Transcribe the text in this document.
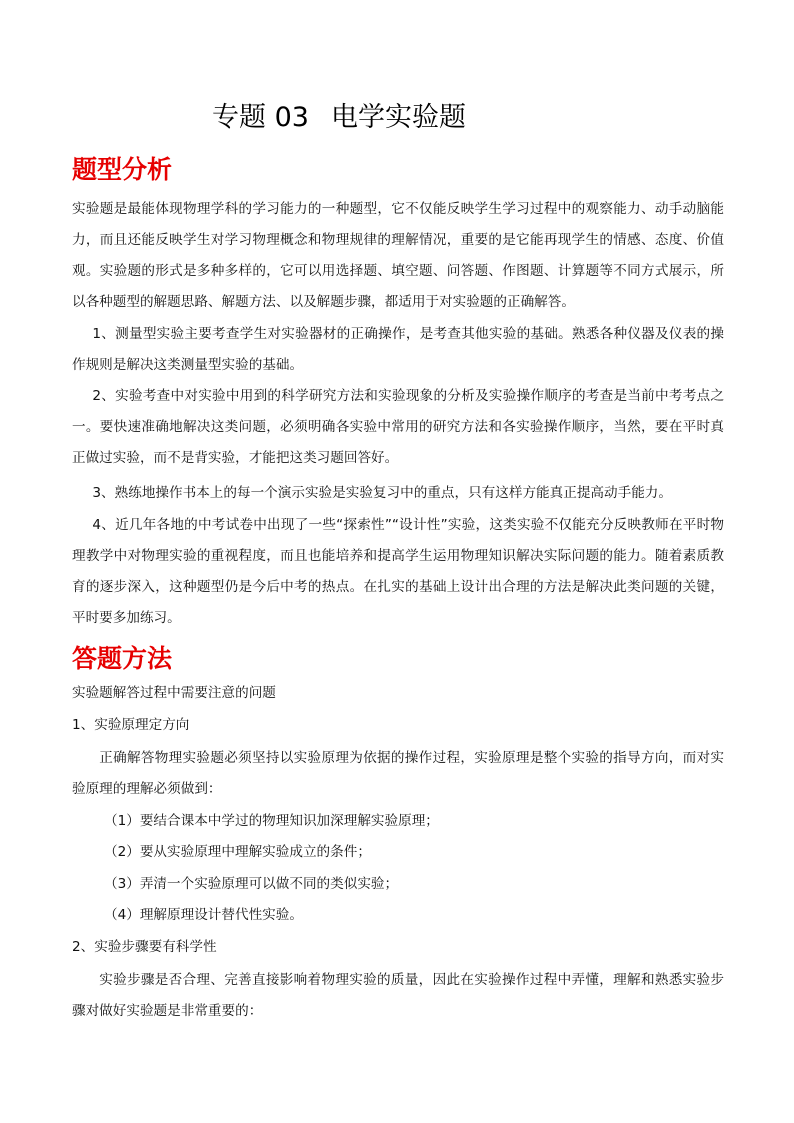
专题 03 电学实验题
题型分析

实验题是最能体现物理学科的学习能力的一种题型，它不仅能反映学生学习过程中的观察能力、动手动脑能力，而且还能反映学生对学习物理概念和物理规律的理解情况，重要的是它能再现学生的情感、态度、价值观。实验题的形式是多种多样的，它可以用选择题、填空题、问答题、作图题、计算题等不同方式展示，所以各种题型的解题思路、解题方法、以及解题步骤，都适用于对实验题的正确解答。

1、测量型实验主要考查学生对实验器材的正确操作，是考查其他实验的基础。熟悉各种仪器及仪表的操作规则是解决这类测量型实验的基础。

2、实验考查中对实验中用到的科学研究方法和实验现象的分析及实验操作顺序的考查是当前中考考点之一。要快速准确地解决这类问题，必须明确各实验中常用的研究方法和各实验操作顺序，当然，要在平时真正做过实验，而不是背实验，才能把这类习题回答好。

3、熟练地操作书本上的每一个演示实验是实验复习中的重点，只有这样方能真正提高动手能力。

4、近几年各地的中考试卷中出现了一些“探索性”“设计性”实验，这类实验不仅能充分反映教师在平时物理教学中对物理实验的重视程度，而且也能培养和提高学生运用物理知识解决实际问题的能力。随着素质教育的逐步深入，这种题型仍是今后中考的热点。在扎实的基础上设计出合理的方法是解决此类问题的关键，平时要多加练习。

答题方法
实验题解答过程中需要注意的问题
1、实验原理定方向

正确解答物理实验题必须坚持以实验原理为依据的操作过程，实验原理是整个实验的指导方向，而对实验原理的理解必须做到：

（1）要结合课本中学过的物理知识加深理解实验原理；
（2）要从实验原理中理解实验成立的条件；
（3）弄清一个实验原理可以做不同的类似实验；
（4）理解原理设计替代性实验。
2、实验步骤要有科学性

实验步骤是否合理、完善直接影响着物理实验的质量，因此在实验操作过程中弄懂，理解和熟悉实验步骤对做好实验题是非常重要的：
